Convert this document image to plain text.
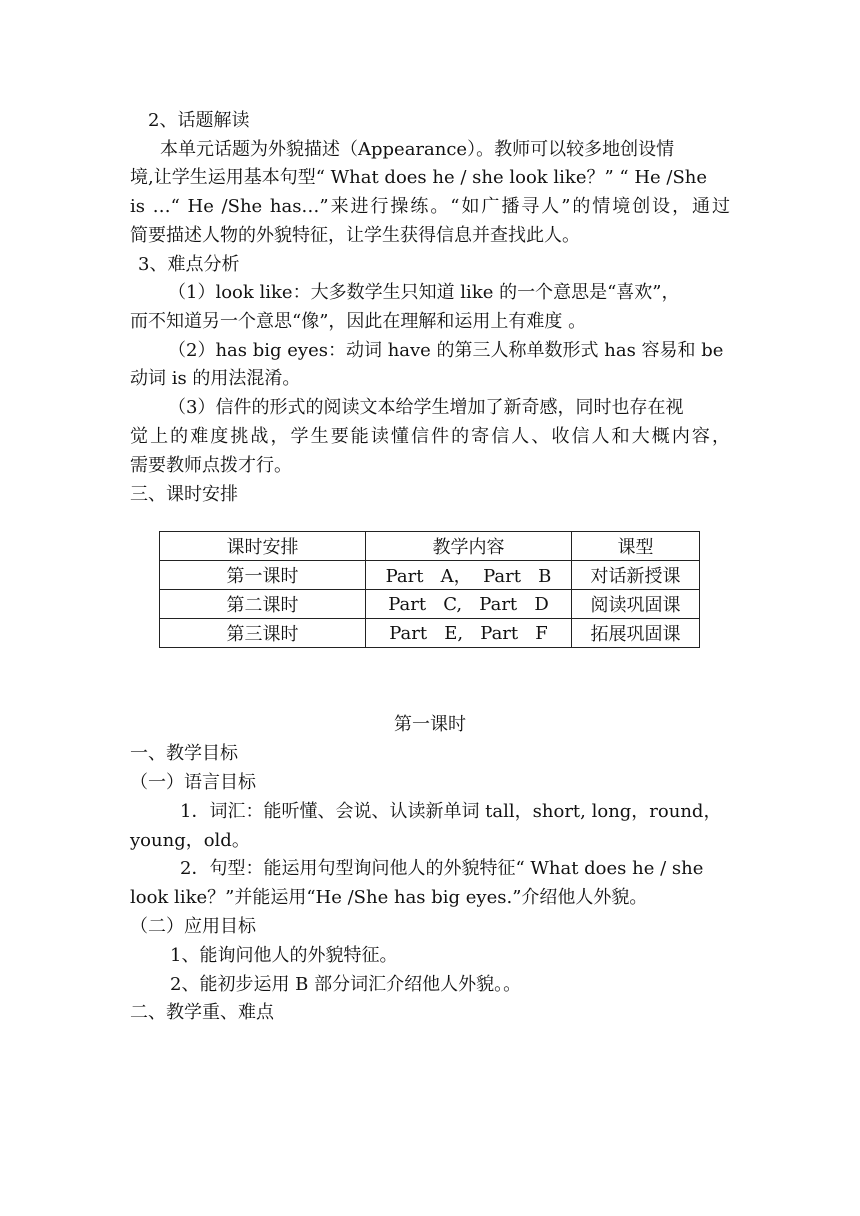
2、话题解读
本单元话题为外貌描述（Appearance）。教师可以较多地创设情
境,让学生运用基本句型“ What does he / she look like？” “ He /She
is …“ He /She has…”来进行操练。“如广播寻人”的情境创设，通过
简要描述人物的外貌特征，让学生获得信息并查找此人。
3、难点分析
（1）look like：大多数学生只知道 like 的一个意思是“喜欢”，
而不知道另一个意思“像”，因此在理解和运用上有难度 。
（2）has big eyes：动词 have 的第三人称单数形式 has 容易和 be
动词 is 的用法混淆。
（3）信件的形式的阅读文本给学生增加了新奇感，同时也存在视
觉上的难度挑战，学生要能读懂信件的寄信人、收信人和大概内容，
需要教师点拨才行。
三、课时安排
课时安排	教学内容	课型
第一课时	Part   A，  Part   B	对话新授课
第二课时	Part   C,   Part   D	阅读巩固课
第三课时	Part   E,   Part   F	拓展巩固课
第一课时
一、教学目标
（一）语言目标
1．词汇：能听懂、会说、认读新单词 tall，short, long，round，
young，old。
2．句型：能运用句型询问他人的外貌特征“ What does he / she
look like？”并能运用“He /She has big eyes.”介绍他人外貌。
（二）应用目标
1、能询问他人的外貌特征。
2、能初步运用 B 部分词汇介绍他人外貌。。
二、教学重、难点
